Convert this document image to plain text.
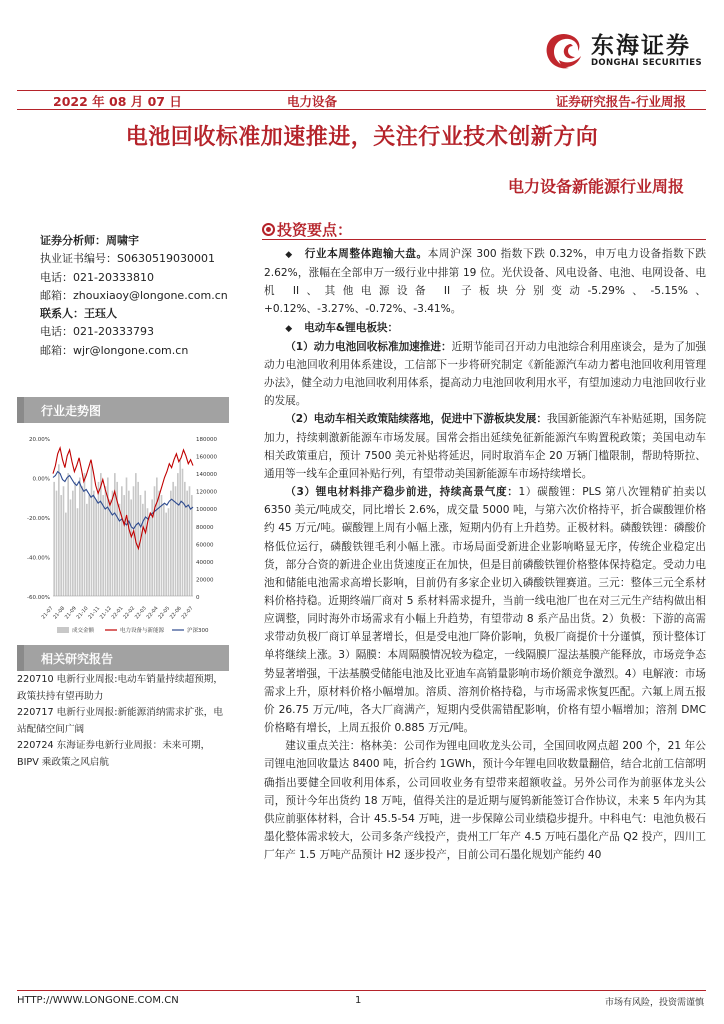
东海证券
DONGHAI SECURITIES
2022 年 08 月 07 日	电力设备	证券研究报告-行业周报
电池回收标准加速推进，关注行业技术创新方向
电力设备新能源行业周报
证券分析师：周啸宇
执业证书编号：S0630519030001
电话：021-20333810
邮箱：zhouxiaoy@longone.com.cn
联系人：王珏人
电话：021-20333793
邮箱：wjr@longone.com.cn
行业走势图
20.00%
0.00%
-20.00%
-40.00%
-60.00%
180000
160000
140000
120000
100000
80000
60000
40000
20000
0
21-07
21-08
21-09
21-10
21-11
21-12
22-01
22-02
22-03
22-04
22-05
22-06
22-07
成交金额	电力设备与新能源	沪深300
相关研究报告

220710 电新行业周报:电动车销量持续超预期，政策扶持有望再助力

220717 电新行业周报:新能源消纳需求扩张，电站配储空间广阔

220724 东海证券电新行业周报：未来可期，BIPV 乘政策之风启航

投资要点：

◆ 行业本周整体跑输大盘。本周沪深 300 指数下跌 0.32%，申万电力设备指数下跌 2.62%，涨幅在全部申万一级行业中排第 19 位。光伏设备、风电设备、电池、电网设备、电机 II、其他电源设备 II 子板块分别变动-5.29%、-5.15%、+0.12%、-3.27%、-0.72%、-3.41%。

◆ 电动车&锂电板块：

（1）动力电池回收标准加速推进：近期节能司召开动力电池综合利用座谈会，是为了加强动力电池回收利用体系建设，工信部下一步将研究制定《新能源汽车动力蓄电池回收利用管理办法》，健全动力电池回收利用体系，提高动力电池回收利用水平，有望加速动力电池回收行业的发展。

（2）电动车相关政策陆续落地，促进中下游板块发展：我国新能源汽车补贴延期，国务院加力，持续刺激新能源车市场发展。国常会指出延续免征新能源汽车购置税政策；美国电动车相关政策重启，预计 7500 美元补贴将延迟，同时取消车企 20 万辆门槛限制，帮助特斯拉、通用等一线车企重回补贴行列，有望带动美国新能源车市场持续增长。

（3）锂电材料排产稳步前进，持续高景气度：1）碳酸锂：PLS 第八次锂精矿拍卖以 6350 美元/吨成交，同比增长 2.6%，成交量 5000 吨，与第六次价格持平，折合碳酸锂价格约 45 万元/吨。碳酸锂上周有小幅上涨，短期内仍有上升趋势。正极材料。磷酸铁锂：磷酸价格低位运行，磷酸铁锂毛利小幅上涨。市场局面受新进企业影响略显无序，传统企业稳定出货，部分合资的新进企业出货速度正在加快，但是目前磷酸铁锂价格整体保持稳定。受动力电池和储能电池需求高增长影响，目前仍有多家企业切入磷酸铁锂赛道。三元：整体三元全系材料价格持稳。近期终端厂商对 5 系材料需求提升，当前一线电池厂也在对三元生产结构做出相应调整，同时海外市场需求有小幅上升趋势，有望带动 8 系产品出货。2）负极：下游的高需求带动负极厂商订单显著增长，但是受电池厂降价影响，负极厂商提价十分谨慎，预计整体订单将继续上涨。3）隔膜：本周隔膜情况较为稳定，一线隔膜厂湿法基膜产能释放，市场竞争态势显著增强，干法基膜受储能电池及比亚迪车高销量影响市场价额竞争激烈。4）电解液：市场需求上升，原材料价格小幅增加。溶质、溶剂价格持稳，与市场需求恢复匹配。六氟上周五报价 26.75 万元/吨，各大厂商满产，短期内受供需错配影响，价格有望小幅增加；溶剂 DMC 价格略有增长，上周五报价 0.885 万元/吨。

建议重点关注：格林美：公司作为锂电回收龙头公司，全国回收网点超 200 个，21 年公司锂电池回收量达 8400 吨，折合约 1GWh，预计今年锂电回收数量翻倍，结合北前工信部明确指出要健全回收利用体系，公司回收业务有望带来超额收益。另外公司作为前驱体龙头公司，预计今年出货约 18 万吨，值得关注的是近期与厦钨新能签订合作协议，未来 5 年内为其供应前驱体材料，合计 45.5-54 万吨，进一步保障公司业绩稳步提升。中科电气：电池负极石墨化整体需求较大，公司多条产线投产，贵州工厂年产 4.5 万吨石墨化产品 Q2 投产，四川工厂年产 1.5 万吨产品预计 H2 逐步投产，目前公司石墨化规划产能约 40

HTTP://WWW.LONGONE.COM.CN	1	市场有风险，投资需谨慎
